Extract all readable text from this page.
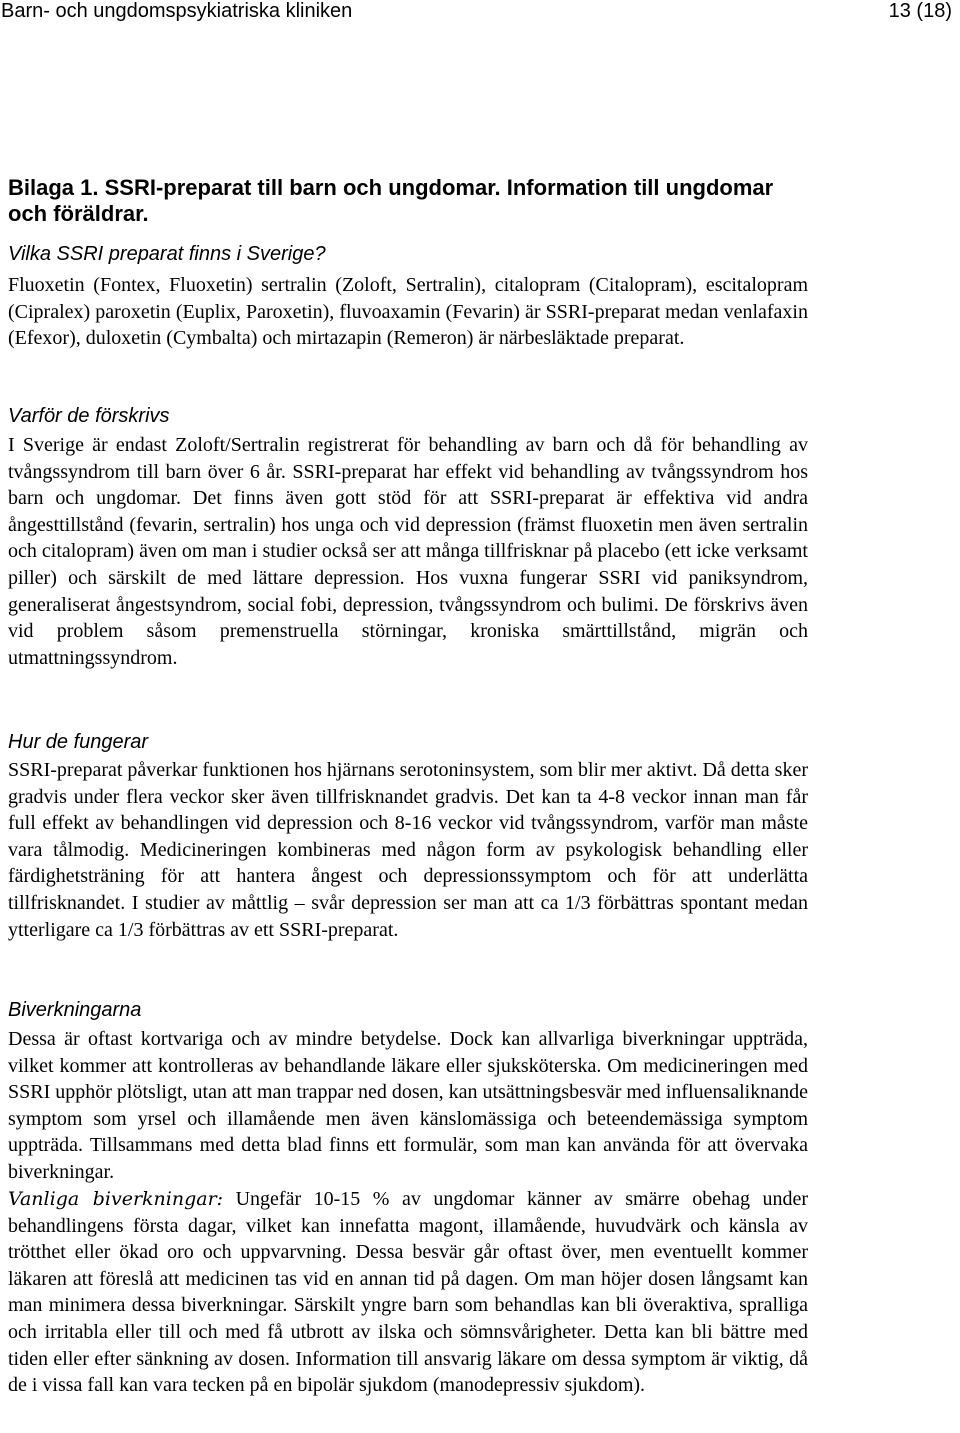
Barn- och ungdomspsykiatriska kliniken	13 (18)
Bilaga 1. SSRI-preparat till barn och ungdomar. Information till ungdomar och föräldrar.
Vilka SSRI preparat finns i Sverige?

Fluoxetin (Fontex, Fluoxetin) sertralin (Zoloft, Sertralin), citalopram (Citalopram), escitalopram (Cipralex) paroxetin (Euplix, Paroxetin), fluvoaxamin (Fevarin) är SSRI-preparat medan venlafaxin (Efexor), duloxetin (Cymbalta) och mirtazapin (Remeron) är närbesläktade preparat.

Varför de förskrivs

I Sverige är endast Zoloft/Sertralin registrerat för behandling av barn och då för behandling av tvångssyndrom till barn över 6 år. SSRI-preparat har effekt vid behandling av tvångssyndrom hos barn och ungdomar. Det finns även gott stöd för att SSRI-preparat är effektiva vid andra ångesttillstånd (fevarin, sertralin) hos unga och vid depression (främst fluoxetin men även sertralin och citalopram) även om man i studier också ser att många tillfrisknar på placebo (ett icke verksamt piller) och särskilt de med lättare depression. Hos vuxna fungerar SSRI vid paniksyndrom, generaliserat ångestsyndrom, social fobi, depression, tvångssyndrom och bulimi. De förskrivs även vid problem såsom premenstruella störningar, kroniska smärttillstånd, migrän och utmattningssyndrom.

Hur de fungerar

SSRI-preparat påverkar funktionen hos hjärnans serotoninsystem, som blir mer aktivt. Då detta sker gradvis under flera veckor sker även tillfrisknandet gradvis. Det kan ta 4-8 veckor innan man får full effekt av behandlingen vid depression och 8-16 veckor vid tvångssyndrom, varför man måste vara tålmodig. Medicineringen kombineras med någon form av psykologisk behandling eller färdighetsträning för att hantera ångest och depressionssymptom och för att underlätta tillfrisknandet. I studier av måttlig – svår depression ser man att ca 1/3 förbättras spontant medan ytterligare ca 1/3 förbättras av ett SSRI-preparat.

Biverkningarna

Dessa är oftast kortvariga och av mindre betydelse. Dock kan allvarliga biverkningar uppträda, vilket kommer att kontrolleras av behandlande läkare eller sjuksköterska. Om medicineringen med SSRI upphör plötsligt, utan att man trappar ned dosen, kan utsättningsbesvär med influensaliknande symptom som yrsel och illamående men även känslomässiga och beteendemässiga symptom uppträda. Tillsammans med detta blad finns ett formulär, som man kan använda för att övervaka biverkningar.

Vanliga biverkningar: Ungefär 10-15 % av ungdomar känner av smärre obehag under behandlingens första dagar, vilket kan innefatta magont, illamående, huvudvärk och känsla av trötthet eller ökad oro och uppvarvning. Dessa besvär går oftast över, men eventuellt kommer läkaren att föreslå att medicinen tas vid en annan tid på dagen. Om man höjer dosen långsamt kan man minimera dessa biverkningar. Särskilt yngre barn som behandlas kan bli överaktiva, spralliga och irritabla eller till och med få utbrott av ilska och sömnsvårigheter. Detta kan bli bättre med tiden eller efter sänkning av dosen. Information till ansvarig läkare om dessa symptom är viktig, då de i vissa fall kan vara tecken på en bipolär sjukdom (manodepressiv sjukdom).
